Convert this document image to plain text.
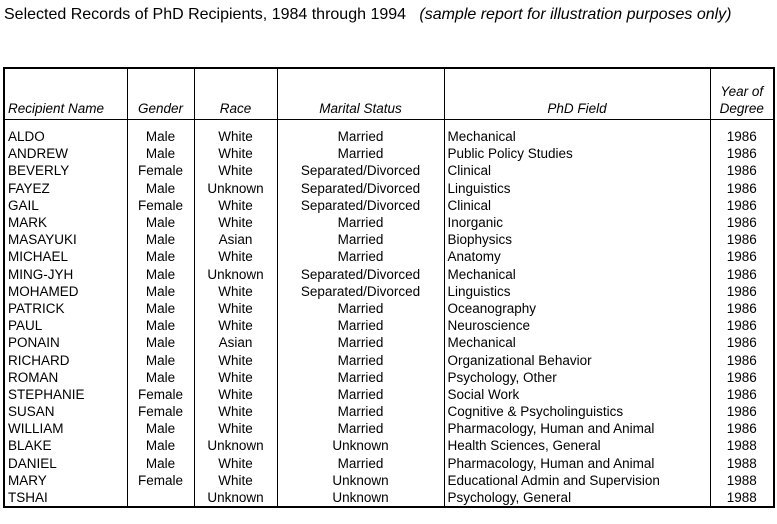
Selected Records of PhD Recipients, 1984 through 1994 (sample report for illustration purposes only)

Recipient Name	Gender	Race	Marital Status	PhD Field	Year of
Degree

ALDO	Male	White	Married	Mechanical	1986
ANDREW	Male	White	Married	Public Policy Studies	1986
BEVERLY	Female	White	Separated/Divorced	Clinical	1986
FAYEZ	Male	Unknown	Separated/Divorced	Linguistics	1986
GAIL	Female	White	Separated/Divorced	Clinical	1986
MARK	Male	White	Married	Inorganic	1986
MASAYUKI	Male	Asian	Married	Biophysics	1986
MICHAEL	Male	White	Married	Anatomy	1986
MING-JYH	Male	Unknown	Separated/Divorced	Mechanical	1986
MOHAMED	Male	White	Separated/Divorced	Linguistics	1986
PATRICK	Male	White	Married	Oceanography	1986
PAUL	Male	White	Married	Neuroscience	1986
PONAIN	Male	Asian	Married	Mechanical	1986
RICHARD	Male	White	Married	Organizational Behavior	1986
ROMAN	Male	White	Married	Psychology, Other	1986
STEPHANIE	Female	White	Married	Social Work	1986
SUSAN	Female	White	Married	Cognitive & Psycholinguistics	1986
WILLIAM	Male	White	Married	Pharmacology, Human and Animal	1986
BLAKE	Male	Unknown	Unknown	Health Sciences, General	1988
DANIEL	Male	White	Married	Pharmacology, Human and Animal	1988
MARY	Female	White	Unknown	Educational Admin and Supervision	1988
TSHAI		Unknown	Unknown	Psychology, General	1988
